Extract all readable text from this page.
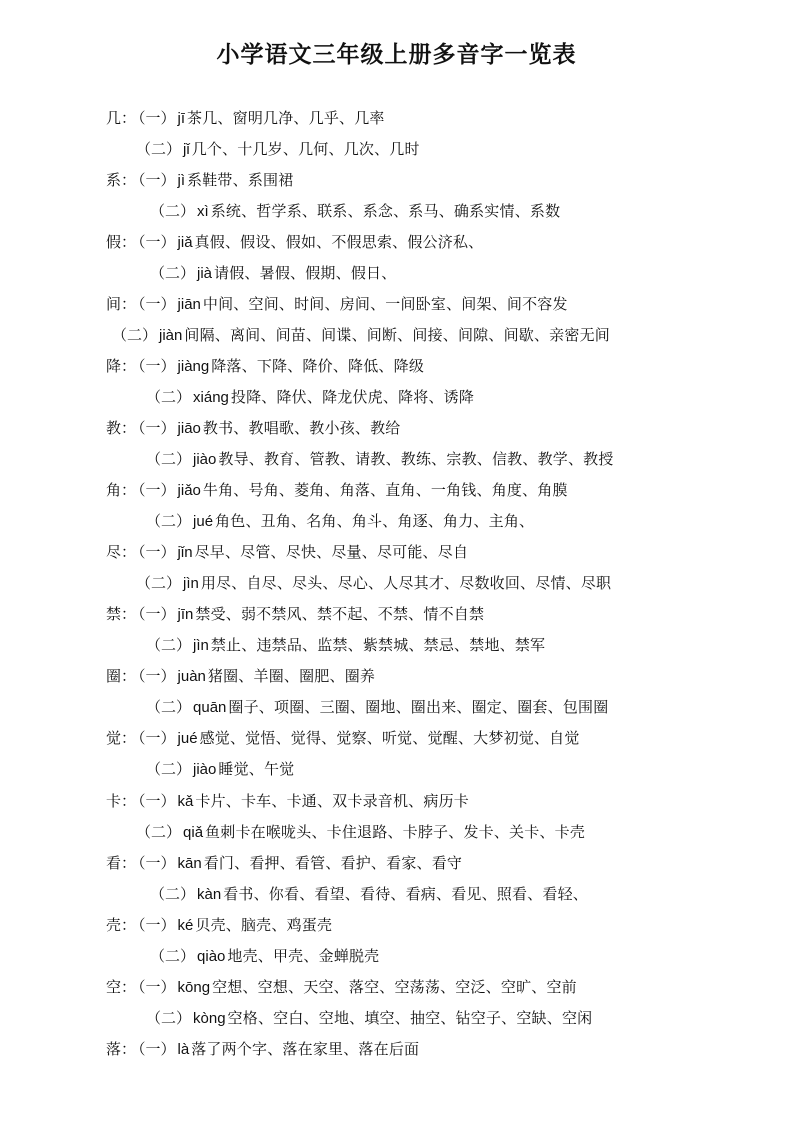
小学语文三年级上册多音字一览表
几： （一） jī 茶几、窗明几净、几乎、几率
（二） jǐ 几个、十几岁、几何、几次、几时
系： （一） jì 系鞋带、系围裙
（二） xì 系统、哲学系、联系、系念、系马、确系实情、系数
假： （一） jiǎ 真假、假设、假如、不假思索、假公济私、
（二） jià 请假、暑假、假期、假日、
间： （一） jiān 中间、空间、时间、房间、一间卧室、间架、间不容发
（二） jiàn 间隔、离间、间苗、间谍、间断、间接、间隙、间歇、亲密无间
降： （一） jiàng 降落、下降、降价、降低、降级
（二） xiáng 投降、降伏、降龙伏虎、降将、诱降
教： （一） jiāo 教书、教唱歌、教小孩、教给
（二） jiào 教导、教育、管教、请教、教练、宗教、信教、教学、教授
角： （一） jiǎo 牛角、号角、菱角、角落、直角、一角钱、角度、角膜
（二） jué 角色、丑角、名角、角斗、角逐、角力、主角、
尽： （一） jǐn 尽早、尽管、尽快、尽量、尽可能、尽自
（二） jìn 用尽、自尽、尽头、尽心、人尽其才、尽数收回、尽情、尽职
禁： （一） jīn 禁受、弱不禁风、禁不起、不禁、情不自禁
（二） jìn 禁止、违禁品、监禁、紫禁城、禁忌、禁地、禁军
圈： （一） juàn 猪圈、羊圈、圈肥、圈养
（二） quān 圈子、项圈、三圈、圈地、圈出来、圈定、圈套、包围圈
觉： （一） jué 感觉、觉悟、觉得、觉察、听觉、觉醒、大梦初觉、自觉
（二） jiào 睡觉、午觉
卡： （一） kǎ 卡片、卡车、卡通、双卡录音机、病历卡
（二） qiǎ 鱼刺卡在喉咙头、卡住退路、卡脖子、发卡、关卡、卡壳
看： （一） kān 看门、看押、看管、看护、看家、看守
（二） kàn 看书、你看、看望、看待、看病、看见、照看、看轻、
壳： （一） ké 贝壳、脑壳、鸡蛋壳
（二） qiào 地壳、甲壳、金蝉脱壳
空： （一） kōng 空想、空想、天空、落空、空荡荡、空泛、空旷、空前
（二） kòng 空格、空白、空地、填空、抽空、钻空子、空缺、空闲
落： （一） là 落了两个字、落在家里、落在后面
